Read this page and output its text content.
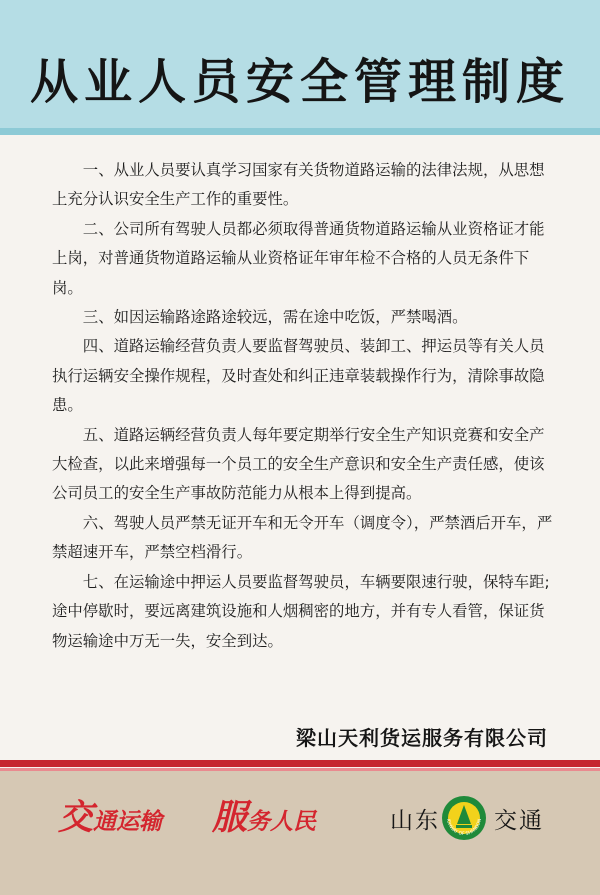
从业人员安全管理制度

一、从业人员要认真学习国家有关货物道路运输的法律法规，从思想上充分认识安全生产工作的重要性。

二、公司所有驾驶人员都必须取得普通货物道路运输从业资格证才能上岗，对普通货物道路运输从业资格证年审年检不合格的人员无条件下岗。

三、如因运输路途路途较远，需在途中吃饭，严禁喝酒。

四、道路运输经营负责人要监督驾驶员、装卸工、押运员等有关人员执行运辆安全操作规程，及时查处和纠正违章装载操作行为，清除事故隐患。

五、道路运辆经营负责人每年要定期举行安全生产知识竞赛和安全产大检查，以此来增强每一个员工的安全生产意识和安全生产责任感，使该公司员工的安全生产事故防范能力从根本上得到提高。

六、驾驶人员严禁无证开车和无令开车（调度令），严禁酒后开车，严禁超速开车，严禁空档滑行。

七、在运输途中押运人员要监督驾驶员，车辆要限速行驶，保特车距;途中停歇时，要远离建筑设施和人烟稠密的地方，并有专人看管，保证货物运输途中万无一失，安全到达。

梁山天利货运服务有限公司
交通运输 服务人民	山东	IGHWAY OF SHANDON 交通
